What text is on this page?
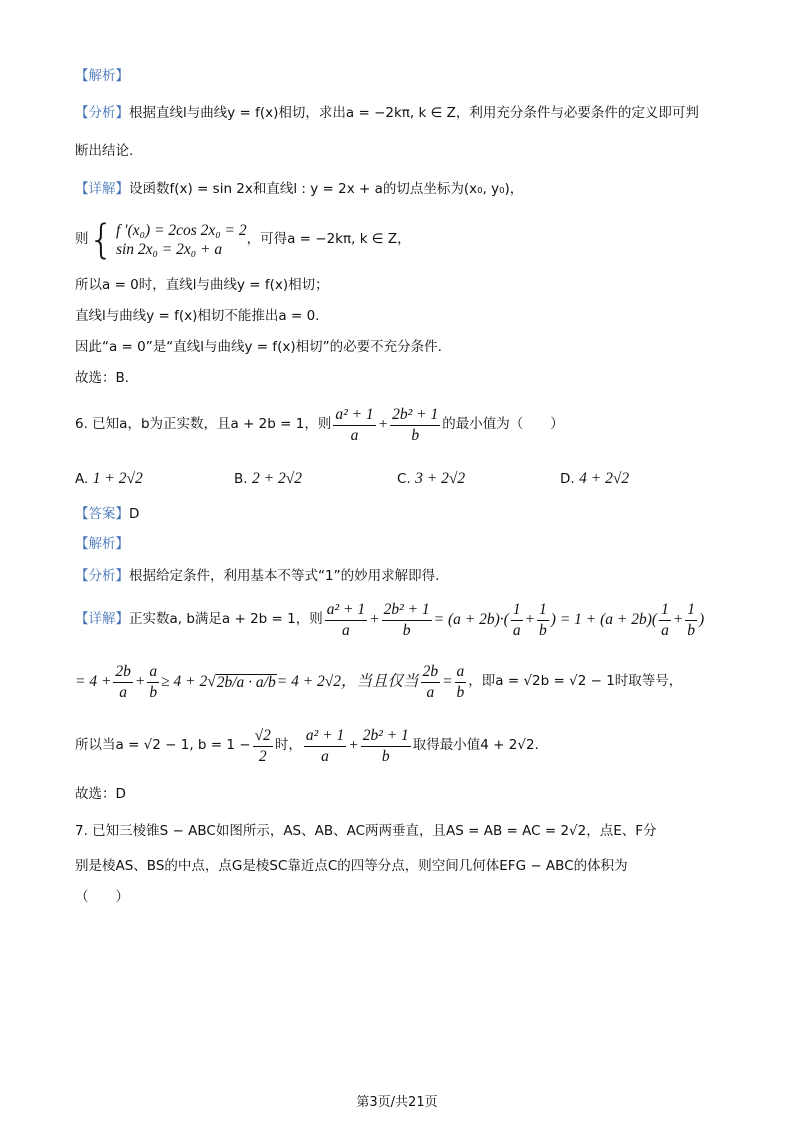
【解析】
【分析】根据直线l与曲线y = f(x)相切，求出a = −2kπ, k ∈ Z，利用充分条件与必要条件的定义即可判
断出结论.
【详解】设函数f(x) = sin 2x和直线l : y = 2x + a的切点坐标为(x₀, y₀)，
则 { f ′(x₀) = 2cos 2x₀ = 2
sin 2x₀ = 2x₀ + a
，可得a = −2kπ, k ∈ Z，
所以a = 0时，直线l与曲线y = f(x)相切；
直线l与曲线y = f(x)相切不能推出a = 0.
因此“a = 0”是“直线l与曲线y = f(x)相切”的必要不充分条件.
故选：B.
6. 已知a，b为正实数，且a + 2b = 1，则 $\frac{\text{a² + 1}}{a} + \frac{\text{2b² + 1}}{b}$ 的最小值为（　　）
A. 1 + 2√2	B. 2 + 2√2	C. 3 + 2√2	D. 4 + 2√2
【答案】D
【解析】
【分析】根据给定条件，利用基本不等式“1”的妙用求解即得.
【详解】 正实数a, b满足a + 2b = 1，则 $\frac{\text{a² + 1}}{a} + \frac{\text{2b² + 1}}{b} = (a + 2b)\cdot( \frac{1}{a} + \frac{1}{b}$ ) = $1 + (a + 2b)( \frac{1}{a} + \frac{1}{b}$ )
= $4 + \frac{2b}{a} + \frac{a}{b} \ge 4 + 2$ √ 2b/a · a/b = 4 + 2√2，当且仅当 $\frac{2b}{a} = \frac{a}{b}$ ，即a = √2b = √2 − 1时取等号，
所以当a = √2 − 1, $b = 1 - \frac{√2}{2}$ 时， $\frac{\text{a² + 1}}{a} + \frac{\text{2b² + 1}}{b}$ 取得最小值4 + 2√2.
故选：D
7. 已知三棱锥S − ABC如图所示，AS、AB、AC两两垂直，且AS = AB = AC = 2√2，点E、F分
别是棱AS、BS的中点，点G是棱SC靠近点C的四等分点，则空间几何体EFG − ABC的体积为
（　　）
第3页/共21页
